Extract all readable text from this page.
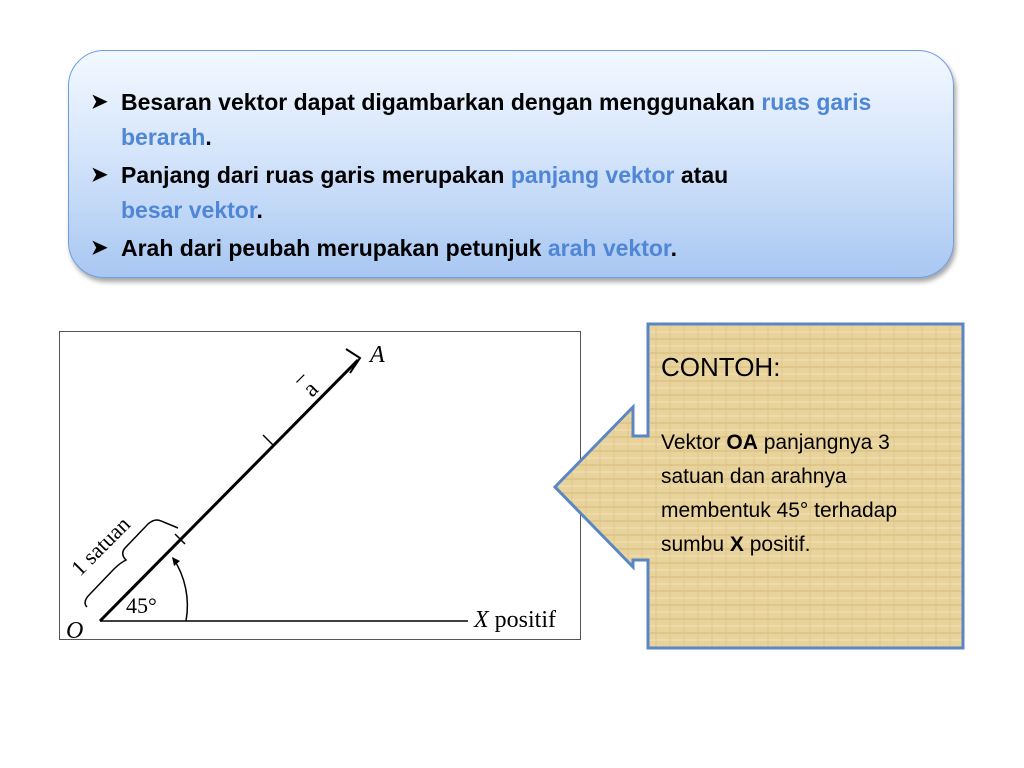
➤ Besaran vektor dapat digambarkan dengan menggunakan ruas garis berarah.
➤ Panjang dari ruas garis merupakan panjang vektor atau
besar vektor.
➤ Arah dari peubah merupakan petunjuk arah vektor.
O
A
a
1 satuan
45°
X positif
CONTOH:
Vektor OA panjangnya 3 satuan dan arahnya membentuk 45° terhadap sumbu X positif.
